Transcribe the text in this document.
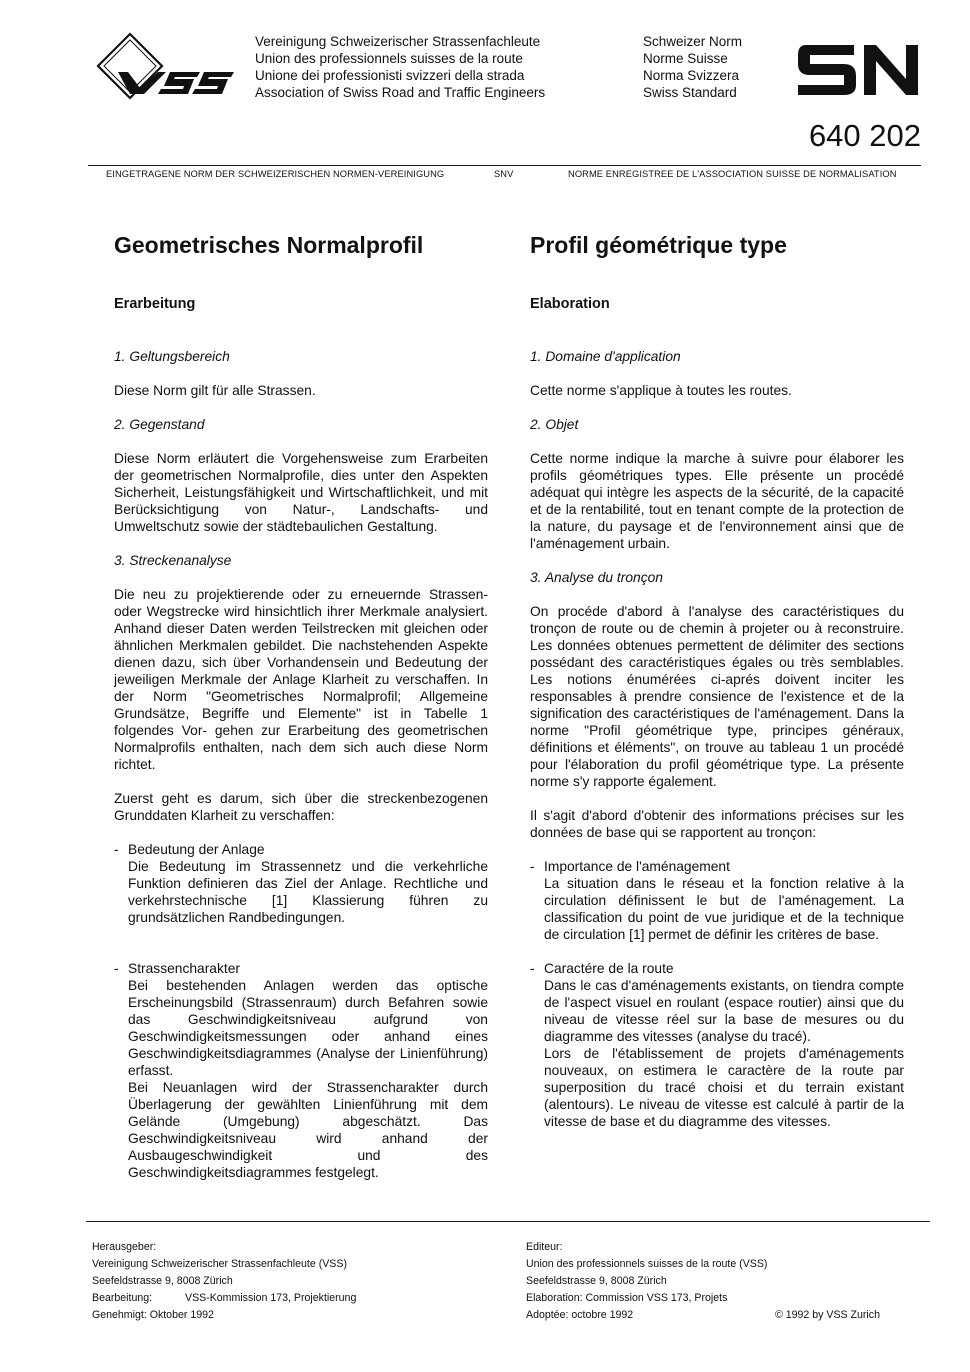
Vereinigung Schweizerischer Strassenfachleute

Union des professionnels suisses de la route

Unione dei professionisti svizzeri della strada

Association of Swiss Road and Traffic Engineers

Schweizer Norm

Norme Suisse

Norma Svizzera

Swiss Standard

640 202
EINGETRAGENE NORM DER SCHWEIZERISCHEN NORMEN-VEREINIGUNG	SNV	NORME ENREGISTREE DE L'ASSOCIATION SUISSE DE NORMALISATION
Geometrisches Normalprofil
Erarbeitung

1. Geltungsbereich

Diese Norm gilt für alle Strassen.

2. Gegenstand

Diese Norm erläutert die Vorgehensweise zum Erarbeiten der geometrischen Normalprofile, dies unter den Aspekten Sicherheit, Leistungsfähigkeit und Wirtschaftlichkeit, und mit Berücksichtigung von Natur-, Landschafts- und Umweltschutz sowie der städtebaulichen Gestaltung.

3. Streckenanalyse

Die neu zu projektierende oder zu erneuernde Strassen- oder Wegstrecke wird hinsichtlich ihrer Merkmale analysiert. Anhand dieser Daten werden Teilstrecken mit gleichen oder ähnlichen Merkmalen gebildet. Die nachstehenden Aspekte dienen dazu, sich über Vorhandensein und Bedeutung der jeweiligen Merkmale der Anlage Klarheit zu verschaffen. In der Norm "Geometrisches Normalprofil; Allgemeine Grundsätze, Begriffe und Elemente" ist in Tabelle 1 folgendes Vor- gehen zur Erarbeitung des geometrischen Normalprofils enthalten, nach dem sich auch diese Norm richtet.

Zuerst geht es darum, sich über die streckenbezogenen Grunddaten Klarheit zu verschaffen:

- Bedeutung der Anlage
Die Bedeutung im Strassennetz und die verkehrliche Funktion definieren das Ziel der Anlage. Rechtliche und verkehrstechnische [1] Klassierung führen zu grundsätzlichen Randbedingungen.
- Strassencharakter
Bei bestehenden Anlagen werden das optische Erscheinungsbild (Strassenraum) durch Befahren sowie das Geschwindigkeitsniveau aufgrund von Geschwindigkeitsmessungen oder anhand eines Geschwindigkeitsdiagrammes (Analyse der Linienführung) erfasst.
Bei Neuanlagen wird der Strassencharakter durch Überlagerung der gewählten Linienführung mit dem Gelände (Umgebung) abgeschätzt. Das Geschwindigkeitsniveau wird anhand der Ausbaugeschwindigkeit und des Geschwindigkeitsdiagrammes festgelegt.
Profil géométrique type
Elaboration

1. Domaine d'application

Cette norme s'applique à toutes les routes.

2. Objet

Cette norme indique la marche à suivre pour élaborer les profils géométriques types. Elle présente un procédé adéquat qui intègre les aspects de la sécurité, de la capacité et de la rentabilité, tout en tenant compte de la protection de la nature, du paysage et de l'environnement ainsi que de l'aménagement urbain.

3. Analyse du tronçon

On procéde d'abord à l'analyse des caractéristiques du tronçon de route ou de chemin à projeter ou à reconstruire. Les données obtenues permettent de délimiter des sections possédant des caractéristiques égales ou très semblables. Les notions énumérées ci-aprés doivent inciter les responsables à prendre consience de l'existence et de la signification des caractéristiques de l'aménagement. Dans la norme "Profil géométrique type, principes généraux, définitions et éléments", on trouve au tableau 1 un procédé pour l'élaboration du profil géométrique type. La présente norme s'y rapporte également.

Il s'agit d'abord d'obtenir des informations précises sur les données de base qui se rapportent au tronçon:

- Importance de l'aménagement
La situation dans le réseau et la fonction relative à la circulation définissent le but de l'aménagement. La classification du point de vue juridique et de la technique de circulation [1] permet de définir les critères de base.
- Caractére de la route
Dans le cas d'aménagements existants, on tiendra compte de l'aspect visuel en roulant (espace routier) ainsi que du niveau de vitesse réel sur la base de mesures ou du diagramme des vitesses (analyse du tracé).
Lors de l'établissement de projets d'aménagements nouveaux, on estimera le caractère de la route par superposition du tracé choisi et du terrain existant (alentours). Le niveau de vitesse est calculé à partir de la vitesse de base et du diagramme des vitesses.
Herausgeber:
Vereinigung Schweizerischer Strassenfachleute (VSS)
Seefeldstrasse 9, 8008 Zürich
Bearbeitung:	VSS-Kommission 173, Projektierung
Genehmigt: Oktober 1992
Editeur:
Union des professionnels suisses de la route (VSS)
Seefeldstrasse 9, 8008 Zürich
Elaboration: Commission VSS 173, Projets
Adoptée: octobre 1992	© 1992 by VSS Zurich
